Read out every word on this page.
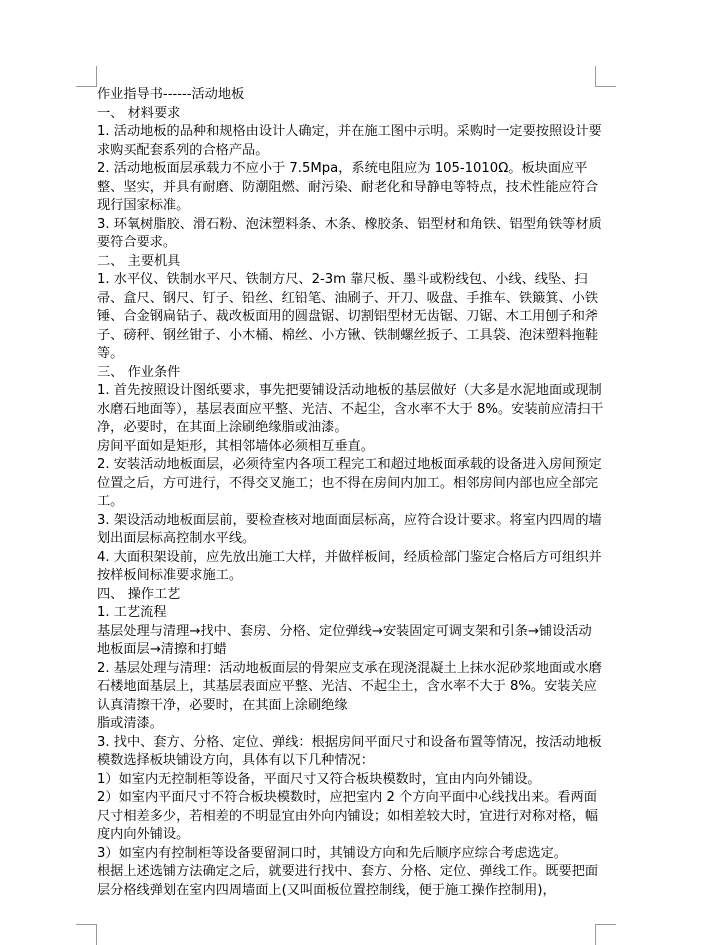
作业指导书------活动地板

一、 材料要求

1. 活动地板的品种和规格由设计人确定，并在施工图中示明。采购时一定要按照设计要求购买配套系列的合格产品。

2. 活动地板面层承载力不应小于 7.5Mpa，系统电阻应为 105-1010Ω。板块面应平整、坚实，并具有耐磨、防潮阻燃、耐污染、耐老化和导静电等特点，技术性能应符合现行国家标准。

3. 环氧树脂胶、滑石粉、泡沫塑料条、木条、橡胶条、铝型材和角铁、铝型角铁等材质要符合要求。

二、 主要机具

1. 水平仪、铁制水平尺、铁制方尺、2-3m 靠尺板、墨斗或粉线包、小线、线坠、扫帚、盒尺、钢尺、钉子、铅丝、红铅笔、油刷子、开刀、吸盘、手推车、铁簸箕、小铁锤、合金钢扁钻子、裁改板面用的圆盘锯、切割铝型材无齿锯、刀锯、木工用刨子和斧子、磅秤、钢丝钳子、小木桶、棉丝、小方锹、铁制螺丝扳子、工具袋、泡沫塑料拖鞋等。

三、 作业条件

1. 首先按照设计图纸要求，事先把要铺设活动地板的基层做好（大多是水泥地面或现制水磨石地面等），基层表面应平整、光洁、不起尘，含水率不大于 8%。安装前应清扫干净，必要时，在其面上涂刷绝缘脂或油漆。

房间平面如是矩形，其相邻墙体必须相互垂直。

2. 安装活动地板面层，必须待室内各项工程完工和超过地板面承载的设备进入房间预定位置之后，方可进行，不得交叉施工；也不得在房间内加工。相邻房间内部也应全部完工。

3. 架设活动地板面层前，要检查核对地面面层标高，应符合设计要求。将室内四周的墙划出面层标高控制水平线。

4. 大面积架设前，应先放出施工大样，并做样板间，经质检部门鉴定合格后方可组织并按样板间标准要求施工。

四、 操作工艺

1. 工艺流程

基层处理与清理→找中、套房、分格、定位弹线→安装固定可调支架和引条→铺设活动地板面层→清擦和打蜡

2. 基层处理与清理：活动地板面层的骨架应支承在现浇混凝土上抹水泥砂浆地面或水磨石楼地面基层上，其基层表面应平整、光洁、不起尘土，含水率不大于 8%。安装关应认真清擦干净，必要时，在其面上涂刷绝缘

脂或清漆。

3. 找中、套方、分格、定位、弹线：根据房间平面尺寸和设备布置等情况，按活动地板模数选择板块铺设方向，具体有以下几种情况：

1）如室内无控制柜等设备，平面尺寸又符合板块模数时，宜由内向外铺设。

2）如室内平面尺寸不符合板块模数时，应把室内 2 个方向平面中心线找出来。看两面尺寸相差多少，若相差的不明显宜由外向内铺设；如相差较大时，宜进行对称对格，幅度内向外铺设。

3）如室内有控制柜等设备要留洞口时，其铺设方向和先后顺序应综合考虑选定。

根据上述选铺方法确定之后，就要进行找中、套方、分格、定位、弹线工作。既要把面层分格线弹划在室内四周墙面上(又叫面板位置控制线，便于施工操作控制用)，
